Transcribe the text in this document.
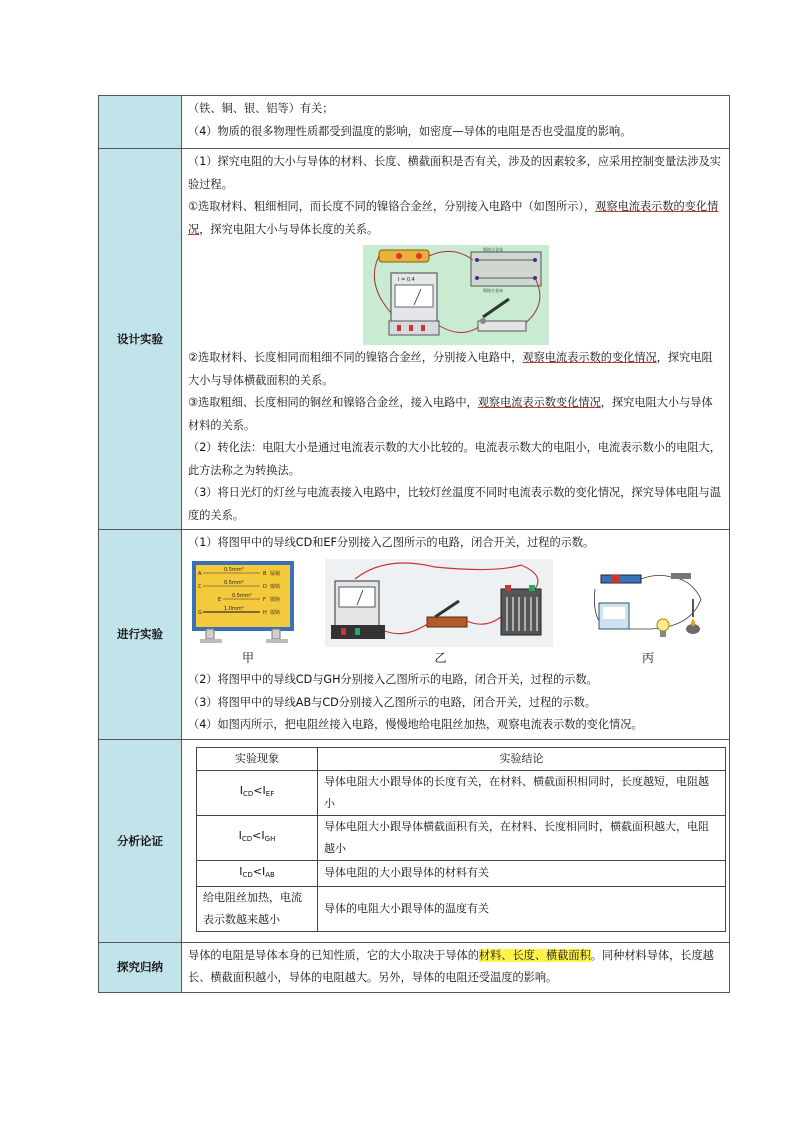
（铁、铜、银、铝等）有关；

（4）物质的很多物理性质都受到温度的影响，如密度—导体的电阻是否也受温度的影响。

设计实验	

（1）探究电阻的大小与导体的材料、长度、横截面积是否有关，涉及的因素较多，应采用控制变量法涉及实验过程。

①选取材料、粗细相同，而长度不同的镍铬合金丝，分别接入电路中（如图所示），观察电流表示数的变化情况，探究电阻大小与导体长度的关系。

镍铬合金丝
镍铬合金丝
I = 0.4

②选取材料、长度相同而粗细不同的镍铬合金丝，分别接入电路中，观察电流表示数的变化情况，探究电阻大小与导体横截面积的关系。

③选取粗细、长度相同的铜丝和镍铬合金丝，接入电路中，观察电流表示数变化情况，探究电阻大小与导体材料的关系。

（2）转化法：电阻大小是通过电流表示数的大小比较的。电流表示数大的电阻小，电流表示数小的电阻大，此方法称之为转换法。

（3）将日光灯的灯丝与电流表接入电路中，比较灯丝温度不同时电流表示数的变化情况，探究导体电阻与温度的关系。

进行实验	

（1）将图甲中的导线CD和EF分别接入乙图所示的电路，闭合开关，过程的示数。

A
0.5mm²
B 锰铜
C
0.5mm²
D 镍铬
E
0.5mm²
F 镍铬
G
1.0mm²
H 镍铬
甲	乙	丙

（2）将图甲中的导线CD与GH分别接入乙图所示的电路，闭合开关，过程的示数。

（3）将图甲中的导线AB与CD分别接入乙图所示的电路，闭合开关，过程的示数。

（4）如图丙所示，把电阻丝接入电路，慢慢地给电阻丝加热，观察电流表示数的变化情况。

分析论证	
实验现象	实验结论
$I_{CD}<I_{EF}$	导体电阻大小跟导体的长度有关，在材料、横截面积相同时，长度越短，电阻越小
$I_{CD}<I_{GH}$	导体电阻大小跟导体横截面积有关，在材料、长度相同时，横截面积越大，电阻越小
$I_{CD}<I_{AB}$	导体电阻的大小跟导体的材料有关
给电阻丝加热，电流表示数越来越小	导体的电阻大小跟导体的温度有关

探究归纳	

导体的电阻是导体本身的已知性质，它的大小取决于导体的材料、长度、横截面积。同种材料导体，长度越长、横截面积越小，导体的电阻越大。另外，导体的电阻还受温度的影响。
